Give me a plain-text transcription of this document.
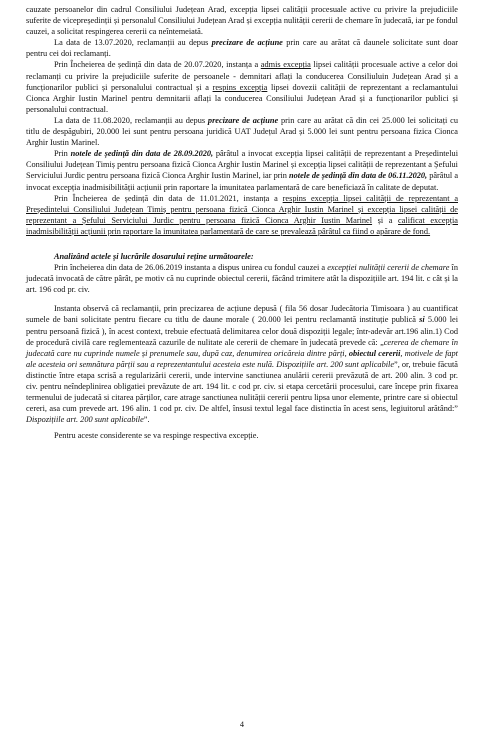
cauzate persoanelor din cadrul Consiliului Județean Arad, excepția lipsei calității procesuale active cu privire la prejudiciile suferite de vicepreședinții și personalul Consiliului Județean Arad și excepția nulității cererii de chemare în judecată, iar pe fondul cauzei, a solicitat respingerea cererii ca neîntemeiată.

La data de 13.07.2020, reclamanții au depus precizare de acțiune prin care au arătat că daunele solicitate sunt doar pentru cei doi reclamanți.

Prin Încheierea de ședință din data de 20.07.2020, instanța a admis excepția lipsei calității procesuale active a celor doi reclamanți cu privire la prejudiciile suferite de persoanele - demnitari aflați la conducerea Consiliuluin Județean Arad și a funcționarilor publici și personalului contractual și a respins excepția lipsei dovezii calității de reprezentant a reclamantului Cionca Arghir Iustin Marinel pentru demnitarii aflați la conducerea Consiliului Județean Arad și a funcționarilor publici și personalului contractual.

La data de 11.08.2020, reclamanții au depus precizare de acțiune prin care au arătat că din cei 25.000 lei solicitați cu titlu de despăgubiri, 20.000 lei sunt pentru persoana juridică UAT Județul Arad și 5.000 lei sunt pentru persoana fizica Cionca Arghir Iustin Marinel.

Prin notele de ședință din data de 28.09.2020, pârâtul a invocat excepția lipsei calității de reprezentant a Președintelui Consiliului Județean Timiș pentru persoana fizică Cionca Arghir Iustin Marinel și excepția lipsei calității de reprezentant a Șefului Serviciului Jurdic pentru persoana fizică Cionca Arghir Iustin Marinel, iar prin notele de ședință din data de 06.11.2020, pârâtul a invocat excepția inadmisibilității acțiunii prin raportare la imunitatea parlamentară de care beneficiază în calitate de deputat.

Prin Încheierea de ședință din data de 11.01.2021, instanța a respins excepția lipsei calității de reprezentant a Președintelui Consiliului Județean Timiș pentru persoana fizică Cionca Arghir Iustin Marinel și excepția lipsei calității de reprezentant a Șefului Serviciului Jurdic pentru persoana fizică Cionca Arghir Iustin Marinel și a calificat excepția inadmisibilității acțiunii prin raportare la imunitatea parlamentară de care se prevalează pârâtul ca fiind o apărare de fond.

Analizând actele și lucrările dosarului reține următoarele:

Prin încheierea din data de 26.06.2019 instanta a dispus unirea cu fondul cauzei a excepției nulității cererii de chemare în judecată invocată de către pârât, pe motiv că nu cuprinde obiectul cererii, făcând trimitere atât la dispozițiile art. 194 lit. c cât și la art. 196 cod pr. civ.

Instanta observă că reclamanții, prin precizarea de acțiune depusă ( fila 56 dosar Judecătoria Timisoara ) au cuantificat sumele de bani solicitate pentru fiecare cu titlu de daune morale ( 20.000 lei pentru reclamantă instituție publică si 5.000 lei pentru persoană fizică ), în acest context, trebuie efectuată delimitarea celor două dispoziții legale; într-adevăr art.196 alin.1) Cod de procedură civilă care reglementează cazurile de nulitate ale cererii de chemare în judecată prevede că: „cererea de chemare în judecată care nu cuprinde numele și prenumele sau, după caz, denumirea oricăreia dintre părți, obiectul cererii, motivele de fapt ale acesteia ori semnătura părții sau a reprezentantului acesteia este nulă. Dispozițiile art. 200 sunt aplicabile”, or, trebuie făcută distinctie între etapa scrisă a regularizării cererii, unde intervine sanctiunea anulării cererii prevăzută de art. 200 alin. 3 cod pr. civ. pentru neîndeplinirea obligatiei prevăzute de art. 194 lit. c cod pr. civ. si etapa cercetării procesului, care începe prin fixarea termenului de judecată si citarea părților, care atrage sanctiunea nulității cererii pentru lipsa unor elemente, printre care si obiectul cereri, asa cum prevede art. 196 alin. 1 cod pr. civ. De altfel, însusi textul legal face distinctia în acest sens, legiuitorul arătând:” Dispozițiile art. 200 sunt aplicabile”.

Pentru aceste considerente se va respinge respectiva excepție.

4
